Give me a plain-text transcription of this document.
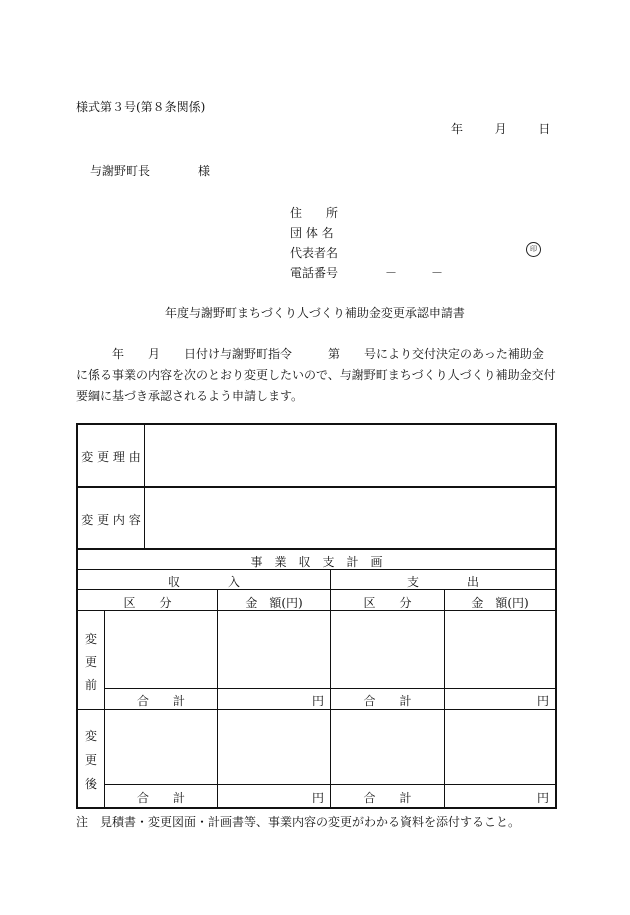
様式第３号(第８条関係)
年	月	日
与謝野町長	様
住　　所
団 体 名
代表者名	印
電話番号	－	－
年度与謝野町まちづくり人づくり補助金変更承認申請書
　　　年　　月　　日付け与謝野町指令　　　第　　号により交付決定のあった補助金
に係る事業の内容を次のとおり変更したいので、与謝野町まちづくり人づくり補助金交付
要綱に基づき承認されるよう申請します。
変 更 理 由
変 更 内 容
事　業　収　支　計　画
収　　　　入	支　　　　出
区　　分	金　額(円)	区　　分	金　額(円)
変
更
前
合　　計	円	合　　計	円
変
更
後
合　　計	円	合　　計	円
注　見積書・変更図面・計画書等、事業内容の変更がわかる資料を添付すること。
